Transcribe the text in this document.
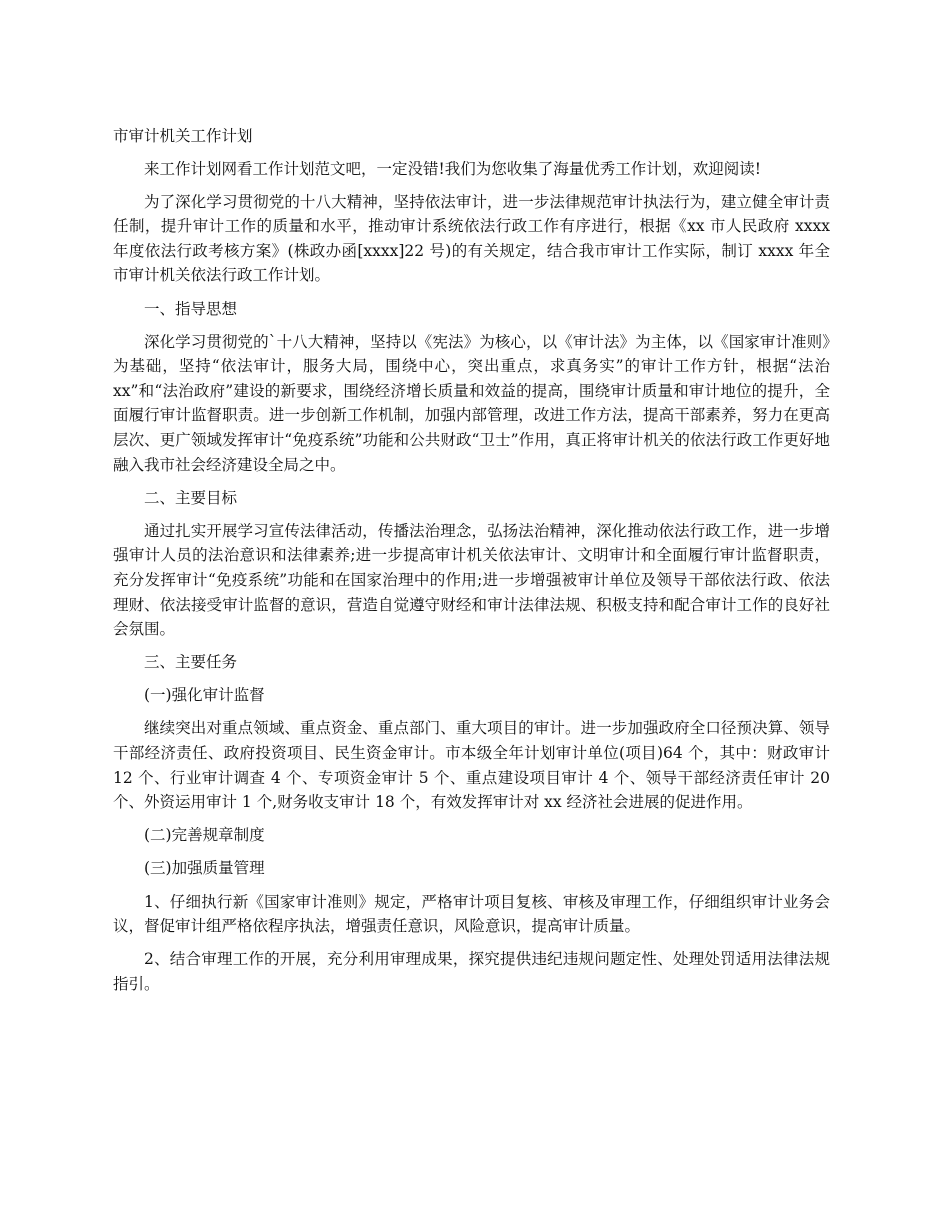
市审计机关工作计划

来工作计划网看工作计划范文吧，一定没错!我们为您收集了海量优秀工作计划，欢迎阅读!

为了深化学习贯彻党的十八大精神，坚持依法审计，进一步法律规范审计执法行为，建立健全审计责任制，提升审计工作的质量和水平，推动审计系统依法行政工作有序进行，根据《xx 市人民政府 xxxx 年度依法行政考核方案》(株政办函[xxxx]22 号)的有关规定，结合我市审计工作实际，制订 xxxx 年全市审计机关依法行政工作计划。

一、指导思想

深化学习贯彻党的`十八大精神，坚持以《宪法》为核心，以《审计法》为主体，以《国家审计准则》为基础，坚持“依法审计，服务大局，围绕中心，突出重点，求真务实”的审计工作方针，根据“法治 xx”和“法治政府”建设的新要求，围绕经济增长质量和效益的提高，围绕审计质量和审计地位的提升，全面履行审计监督职责。进一步创新工作机制，加强内部管理，改进工作方法，提高干部素养，努力在更高层次、更广领域发挥审计“免疫系统”功能和公共财政“卫士”作用，真正将审计机关的依法行政工作更好地融入我市社会经济建设全局之中。

二、主要目标

通过扎实开展学习宣传法律活动，传播法治理念，弘扬法治精神，深化推动依法行政工作，进一步增强审计人员的法治意识和法律素养;进一步提高审计机关依法审计、文明审计和全面履行审计监督职责，充分发挥审计“免疫系统”功能和在国家治理中的作用;进一步增强被审计单位及领导干部依法行政、依法理财、依法接受审计监督的意识，营造自觉遵守财经和审计法律法规、积极支持和配合审计工作的良好社会氛围。

三、主要任务

(一)强化审计监督

继续突出对重点领域、重点资金、重点部门、重大项目的审计。进一步加强政府全口径预决算、领导干部经济责任、政府投资项目、民生资金审计。市本级全年计划审计单位(项目)64 个，其中：财政审计 12 个、行业审计调查 4 个、专项资金审计 5 个、重点建设项目审计 4 个、领导干部经济责任审计 20 个、外资运用审计 1 个,财务收支审计 18 个，有效发挥审计对 xx 经济社会进展的促进作用。

(二)完善规章制度

(三)加强质量管理

1、仔细执行新《国家审计准则》规定，严格审计项目复核、审核及审理工作，仔细组织审计业务会议，督促审计组严格依程序执法，增强责任意识，风险意识，提高审计质量。

2、结合审理工作的开展，充分利用审理成果，探究提供违纪违规问题定性、处理处罚适用法律法规指引。
